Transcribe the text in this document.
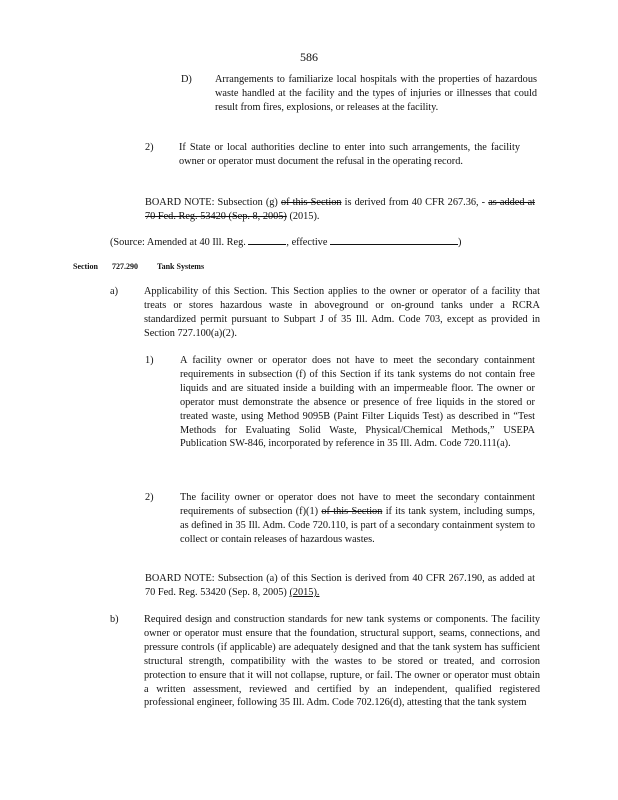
586
D) Arrangements to familiarize local hospitals with the properties of hazardous waste handled at the facility and the types of injuries or illnesses that could result from fires, explosions, or releases at the facility.
2) If State or local authorities decline to enter into such arrangements, the facility owner or operator must document the refusal in the operating record.
BOARD NOTE: Subsection (g) of this Section is derived from 40 CFR 267.36, - as added at 70 Fed. Reg. 53420 (Sep. 8, 2005) (2015).
(Source: Amended at 40 Ill. Reg.	, effective	)
Section 727.290 Tank Systems
a)	Applicability of this Section. This Section applies to the owner or operator of a facility that treats or stores hazardous waste in aboveground or on-ground tanks under a RCRA standardized permit pursuant to Subpart J of 35 Ill. Adm. Code 703, except as provided in Section 727.100(a)(2).
1)	A facility owner or operator does not have to meet the secondary containment requirements in subsection (f) of this Section if its tank systems do not contain free liquids and are situated inside a building with an impermeable floor. The owner or operator must demonstrate the absence or presence of free liquids in the stored or treated waste, using Method 9095B (Paint Filter Liquids Test) as described in “Test Methods for Evaluating Solid Waste, Physical/Chemical Methods,” USEPA Publication SW-846, incorporated by reference in 35 Ill. Adm. Code 720.111(a).
2)	The facility owner or operator does not have to meet the secondary containment requirements of subsection (f)(1) of this Section if its tank system, including sumps, as defined in 35 Ill. Adm. Code 720.110, is part of a secondary containment system to collect or contain releases of hazardous wastes.
BOARD NOTE: Subsection (a) of this Section is derived from 40 CFR 267.190, as added at 70 Fed. Reg. 53420 (Sep. 8, 2005) (2015).
b) Required design and construction standards for new tank systems or components. The facility owner or operator must ensure that the foundation, structural support, seams, connections, and pressure controls (if applicable) are adequately designed and that the tank system has sufficient structural strength, compatibility with the wastes to be stored or treated, and corrosion protection to ensure that it will not collapse, rupture, or fail. The owner or operator must obtain a written assessment, reviewed and certified by an independent, qualified registered professional engineer, following 35 Ill. Adm. Code 702.126(d), attesting that the tank system
